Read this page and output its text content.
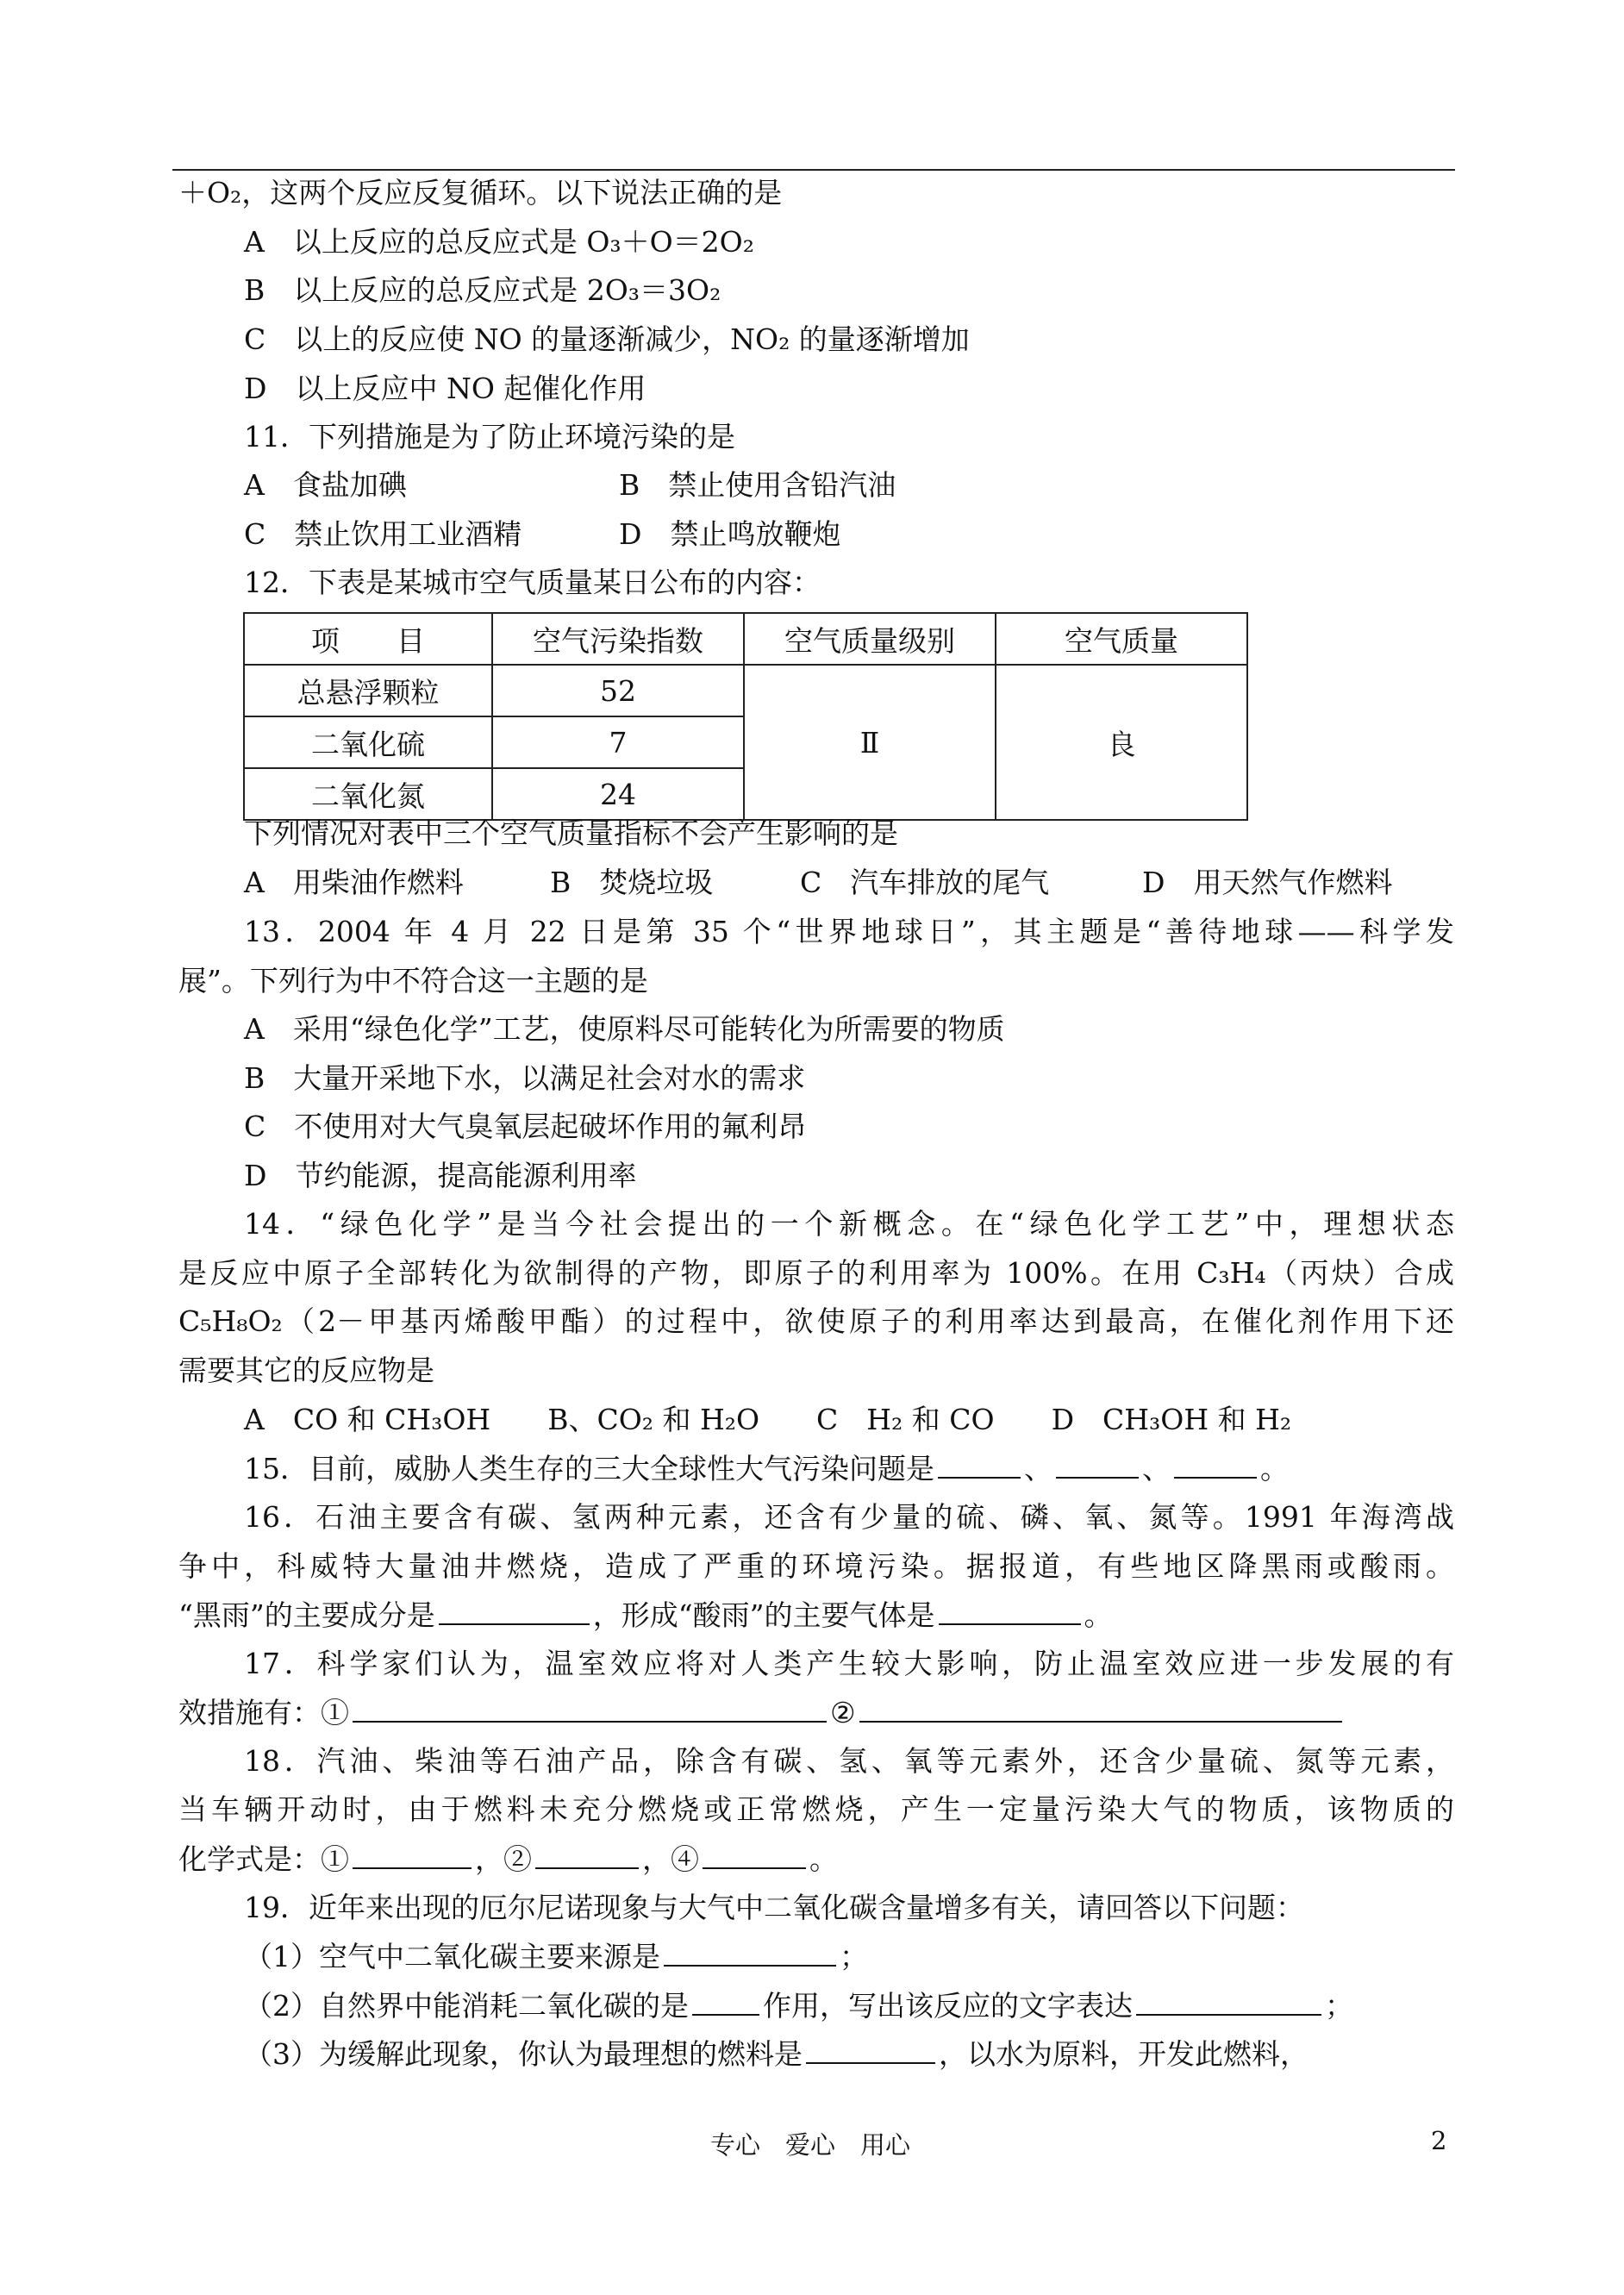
＋O₂，这两个反应反复循环。以下说法正确的是
A　以上反应的总反应式是 O₃＋O＝2O₂
B　以上反应的总反应式是 2O₃＝3O₂
C　以上的反应使 NO 的量逐渐减少，NO₂ 的量逐渐增加
D　以上反应中 NO 起催化作用
11．下列措施是为了防止环境污染的是
A　食盐加碘	B　禁止使用含铅汽油
C　禁止饮用工业酒精	D　禁止鸣放鞭炮
12．下表是某城市空气质量某日公布的内容：
项　　目	空气污染指数	空气质量级别	空气质量
总悬浮颗粒	52	Ⅱ	良
二氧化硫	7		
二氧化氮	24		
下列情况对表中三个空气质量指标不会产生影响的是
A　用柴油作燃料	B　焚烧垃圾	C　汽车排放的尾气	D　用天然气作燃料
13．2004 年 4 月 22 日是第 35 个“世界地球日”，其主题是“善待地球——科学发
展”。下列行为中不符合这一主题的是
A　采用“绿色化学”工艺，使原料尽可能转化为所需要的物质
B　大量开采地下水，以满足社会对水的需求
C　不使用对大气臭氧层起破坏作用的氟利昂
D　节约能源，提高能源利用率
14．“绿色化学”是当今社会提出的一个新概念。在“绿色化学工艺”中，理想状态
是反应中原子全部转化为欲制得的产物，即原子的利用率为 100%。在用 C₃H₄（丙炔）合成
C₅H₈O₂（2－甲基丙烯酸甲酯）的过程中，欲使原子的利用率达到最高，在催化剂作用下还
需要其它的反应物是
A　CO 和 CH₃OH　　B、CO₂ 和 H₂O　　C　H₂ 和 CO　　D　CH₃OH 和 H₂
15．目前，威胁人类生存的三大全球性大气污染问题是	、	、	。
16．石油主要含有碳、氢两种元素，还含有少量的硫、磷、氧、氮等。1991 年海湾战
争中，科威特大量油井燃烧，造成了严重的环境污染。据报道，有些地区降黑雨或酸雨。
“黑雨”的主要成分是	，形成“酸雨”的主要气体是	。
17．科学家们认为，温室效应将对人类产生较大影响，防止温室效应进一步发展的有
效措施有：①	②
18．汽油、柴油等石油产品，除含有碳、氢、氧等元素外，还含少量硫、氮等元素，
当车辆开动时，由于燃料未充分燃烧或正常燃烧，产生一定量污染大气的物质，该物质的
化学式是：①	，②	，④	。
19．近年来出现的厄尔尼诺现象与大气中二氧化碳含量增多有关，请回答以下问题：
（1）空气中二氧化碳主要来源是	；
（2）自然界中能消耗二氧化碳的是	作用，写出该反应的文字表达	；
（3）为缓解此现象，你认为最理想的燃料是	，以水为原料，开发此燃料，
专心　爱心　用心	2
